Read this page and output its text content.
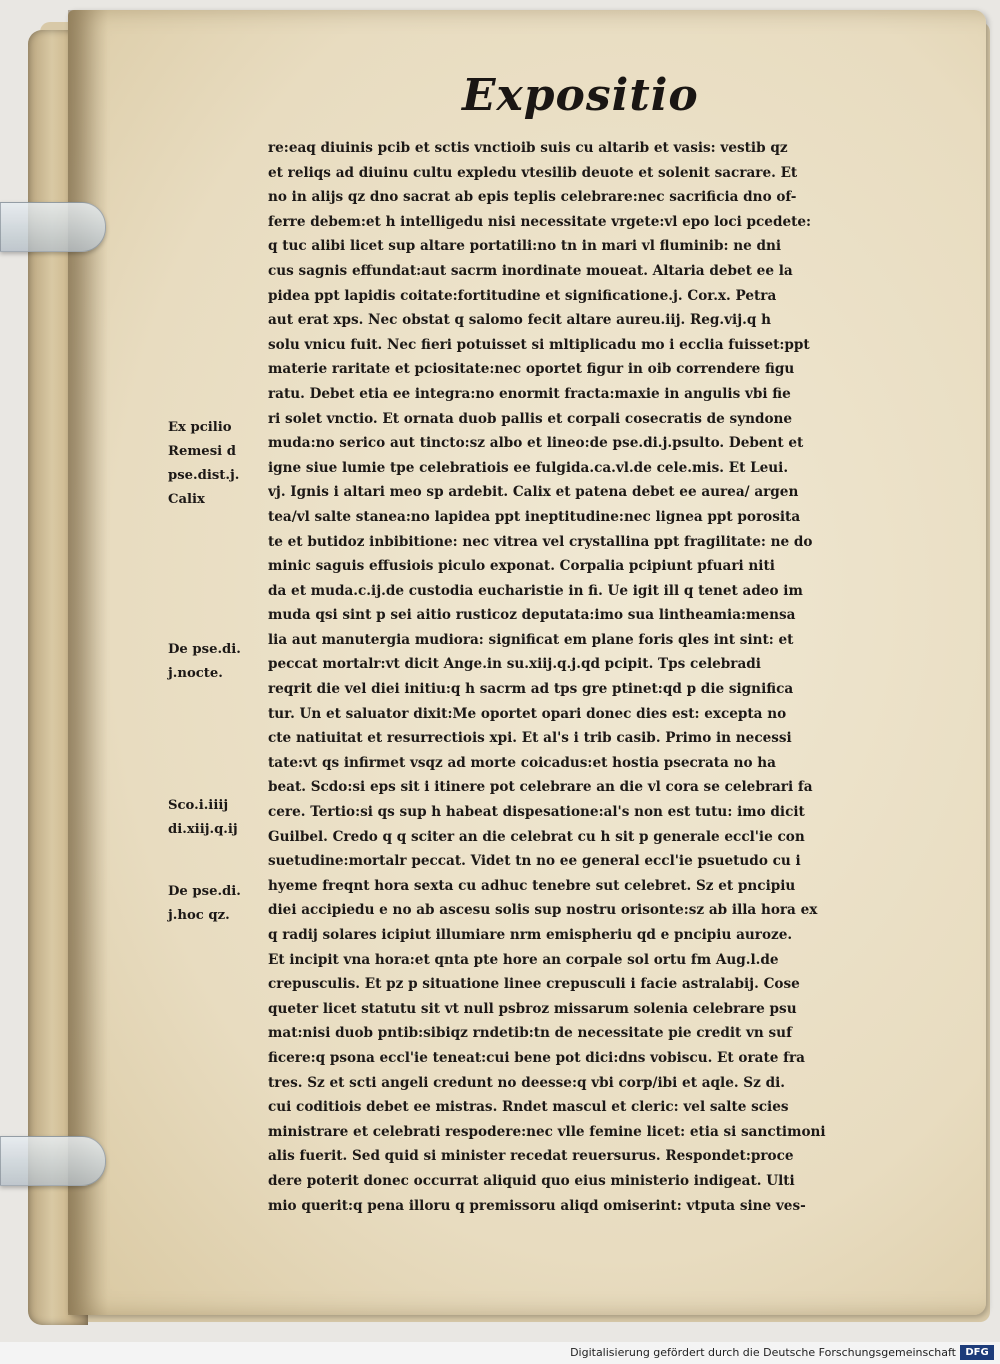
Expositio
re:eaq diuinis pcib et sctis vnctioib suis cu altarib et vasis: vestib qz
et reliqs ad diuinu cultu expledu vtesilib deuote et solenit sacrare. Et
no in alijs qz dno sacrat ab epis teplis celebrare:nec sacrificia dno of-
ferre debem:et h intelligedu nisi necessitate vrgete:vl epo loci pcedete:
q tuc alibi licet sup altare portatili:no tn in mari vl fluminib: ne dni
cus sagnis effundat:aut sacrm inordinate moueat. Altaria debet ee la
pidea ppt lapidis coitate:fortitudine et significatione.j. Cor.x. Petra
aut erat xps. Nec obstat q salomo fecit altare aureu.iij. Reg.vij.q h
solu vnicu fuit. Nec fieri potuisset si mltiplicadu mo i ecclia fuisset:ppt
materie raritate et pciositate:nec oportet figur in oib correndere figu
ratu. Debet etia ee integra:no enormit fracta:maxie in angulis vbi fie
ri solet vnctio. Et ornata duob pallis et corpali cosecratis de syndone
muda:no serico aut tincto:sz albo et lineo:de pse.di.j.psulto. Debent et
igne siue lumie tpe celebratiois ee fulgida.ca.vl.de cele.mis. Et Leui.
vj. Ignis i altari meo sp ardebit. Calix et patena debet ee aurea/ argen
tea/vl salte stanea:no lapidea ppt ineptitudine:nec lignea ppt porosita
te et butidoz inbibitione: nec vitrea vel crystallina ppt fragilitate: ne do
minic saguis effusiois piculo exponat. Corpalia pcipiunt pfuari niti
da et muda.c.ij.de custodia eucharistie in fi. Ue igit ill q tenet adeo im
muda qsi sint p sei aitio rusticoz deputata:imo sua lintheamia:mensa
lia aut manutergia mudiora: significat em plane foris qles int sint: et
peccat mortalr:vt dicit Ange.in su.xiij.q.j.qd pcipit. Tps celebradi
reqrit die vel diei initiu:q h sacrm ad tps gre ptinet:qd p die significa
tur. Un et saluator dixit:Me oportet opari donec dies est: excepta no
cte natiuitat et resurrectiois xpi. Et al's i trib casib. Primo in necessi
tate:vt qs infirmet vsqz ad morte coicadus:et hostia psecrata no ha
beat. Scdo:si eps sit i itinere pot celebrare an die vl cora se celebrari fa
cere. Tertio:si qs sup h habeat dispesatione:al's non est tutu: imo dicit
Guilbel. Credo q q sciter an die celebrat cu h sit p generale eccl'ie con
suetudine:mortalr peccat. Videt tn no ee general eccl'ie psuetudo cu i
hyeme freqnt hora sexta cu adhuc tenebre sut celebret. Sz et pncipiu
diei accipiedu e no ab ascesu solis sup nostru orisonte:sz ab illa hora ex
q radij solares icipiut illumiare nrm emispheriu qd e pncipiu auroze.
Et incipit vna hora:et qnta pte hore an corpale sol ortu fm Aug.l.de
crepusculis. Et pz p situatione linee crepusculi i facie astralabij. Cose
queter licet statutu sit vt null psbroz missarum solenia celebrare psu
mat:nisi duob pntib:sibiqz rndetib:tn de necessitate pie credit vn suf
ficere:q psona eccl'ie teneat:cui bene pot dici:dns vobiscu. Et orate fra
tres. Sz et scti angeli credunt no deesse:q vbi corp/ibi et aqle. Sz di.
cui coditiois debet ee mistras. Rndet mascul et cleric: vel salte scies
ministrare et celebrati respodere:nec vlle femine licet: etia si sanctimoni
alis fuerit. Sed quid si minister recedat reuersurus. Respondet:proce
dere poterit donec occurrat aliquid quo eius ministerio indigeat. Ulti
mio querit:q pena illoru q premissoru aliqd omiserint: vtputa sine ves-
Ex pcilio
Remesi d
pse.dist.j.
Calix
De pse.di.
j.nocte.
Sco.i.iiij
di.xiij.q.ij
De pse.di.
j.hoc qz.
Digitalisierung gefördert durch die Deutsche Forschungsgemeinschaft DFG
